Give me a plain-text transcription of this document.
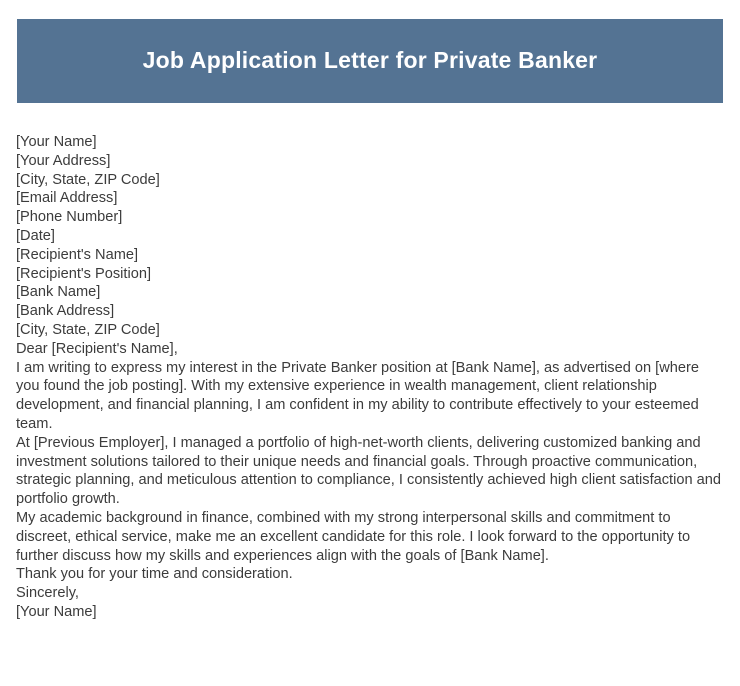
Job Application Letter for Private Banker

[Your Name]

[Your Address]

[City, State, ZIP Code]

[Email Address]

[Phone Number]

[Date]

[Recipient's Name]

[Recipient's Position]

[Bank Name]

[Bank Address]

[City, State, ZIP Code]

Dear [Recipient's Name],

I am writing to express my interest in the Private Banker position at [Bank Name], as advertised on [where you found the job posting]. With my extensive experience in wealth management, client relationship development, and financial planning, I am confident in my ability to contribute effectively to your esteemed team.

At [Previous Employer], I managed a portfolio of high-net-worth clients, delivering customized banking and investment solutions tailored to their unique needs and financial goals. Through proactive communication, strategic planning, and meticulous attention to compliance, I consistently achieved high client satisfaction and portfolio growth.

My academic background in finance, combined with my strong interpersonal skills and commitment to discreet, ethical service, make me an excellent candidate for this role. I look forward to the opportunity to further discuss how my skills and experiences align with the goals of [Bank Name].

Thank you for your time and consideration.

Sincerely,

[Your Name]
